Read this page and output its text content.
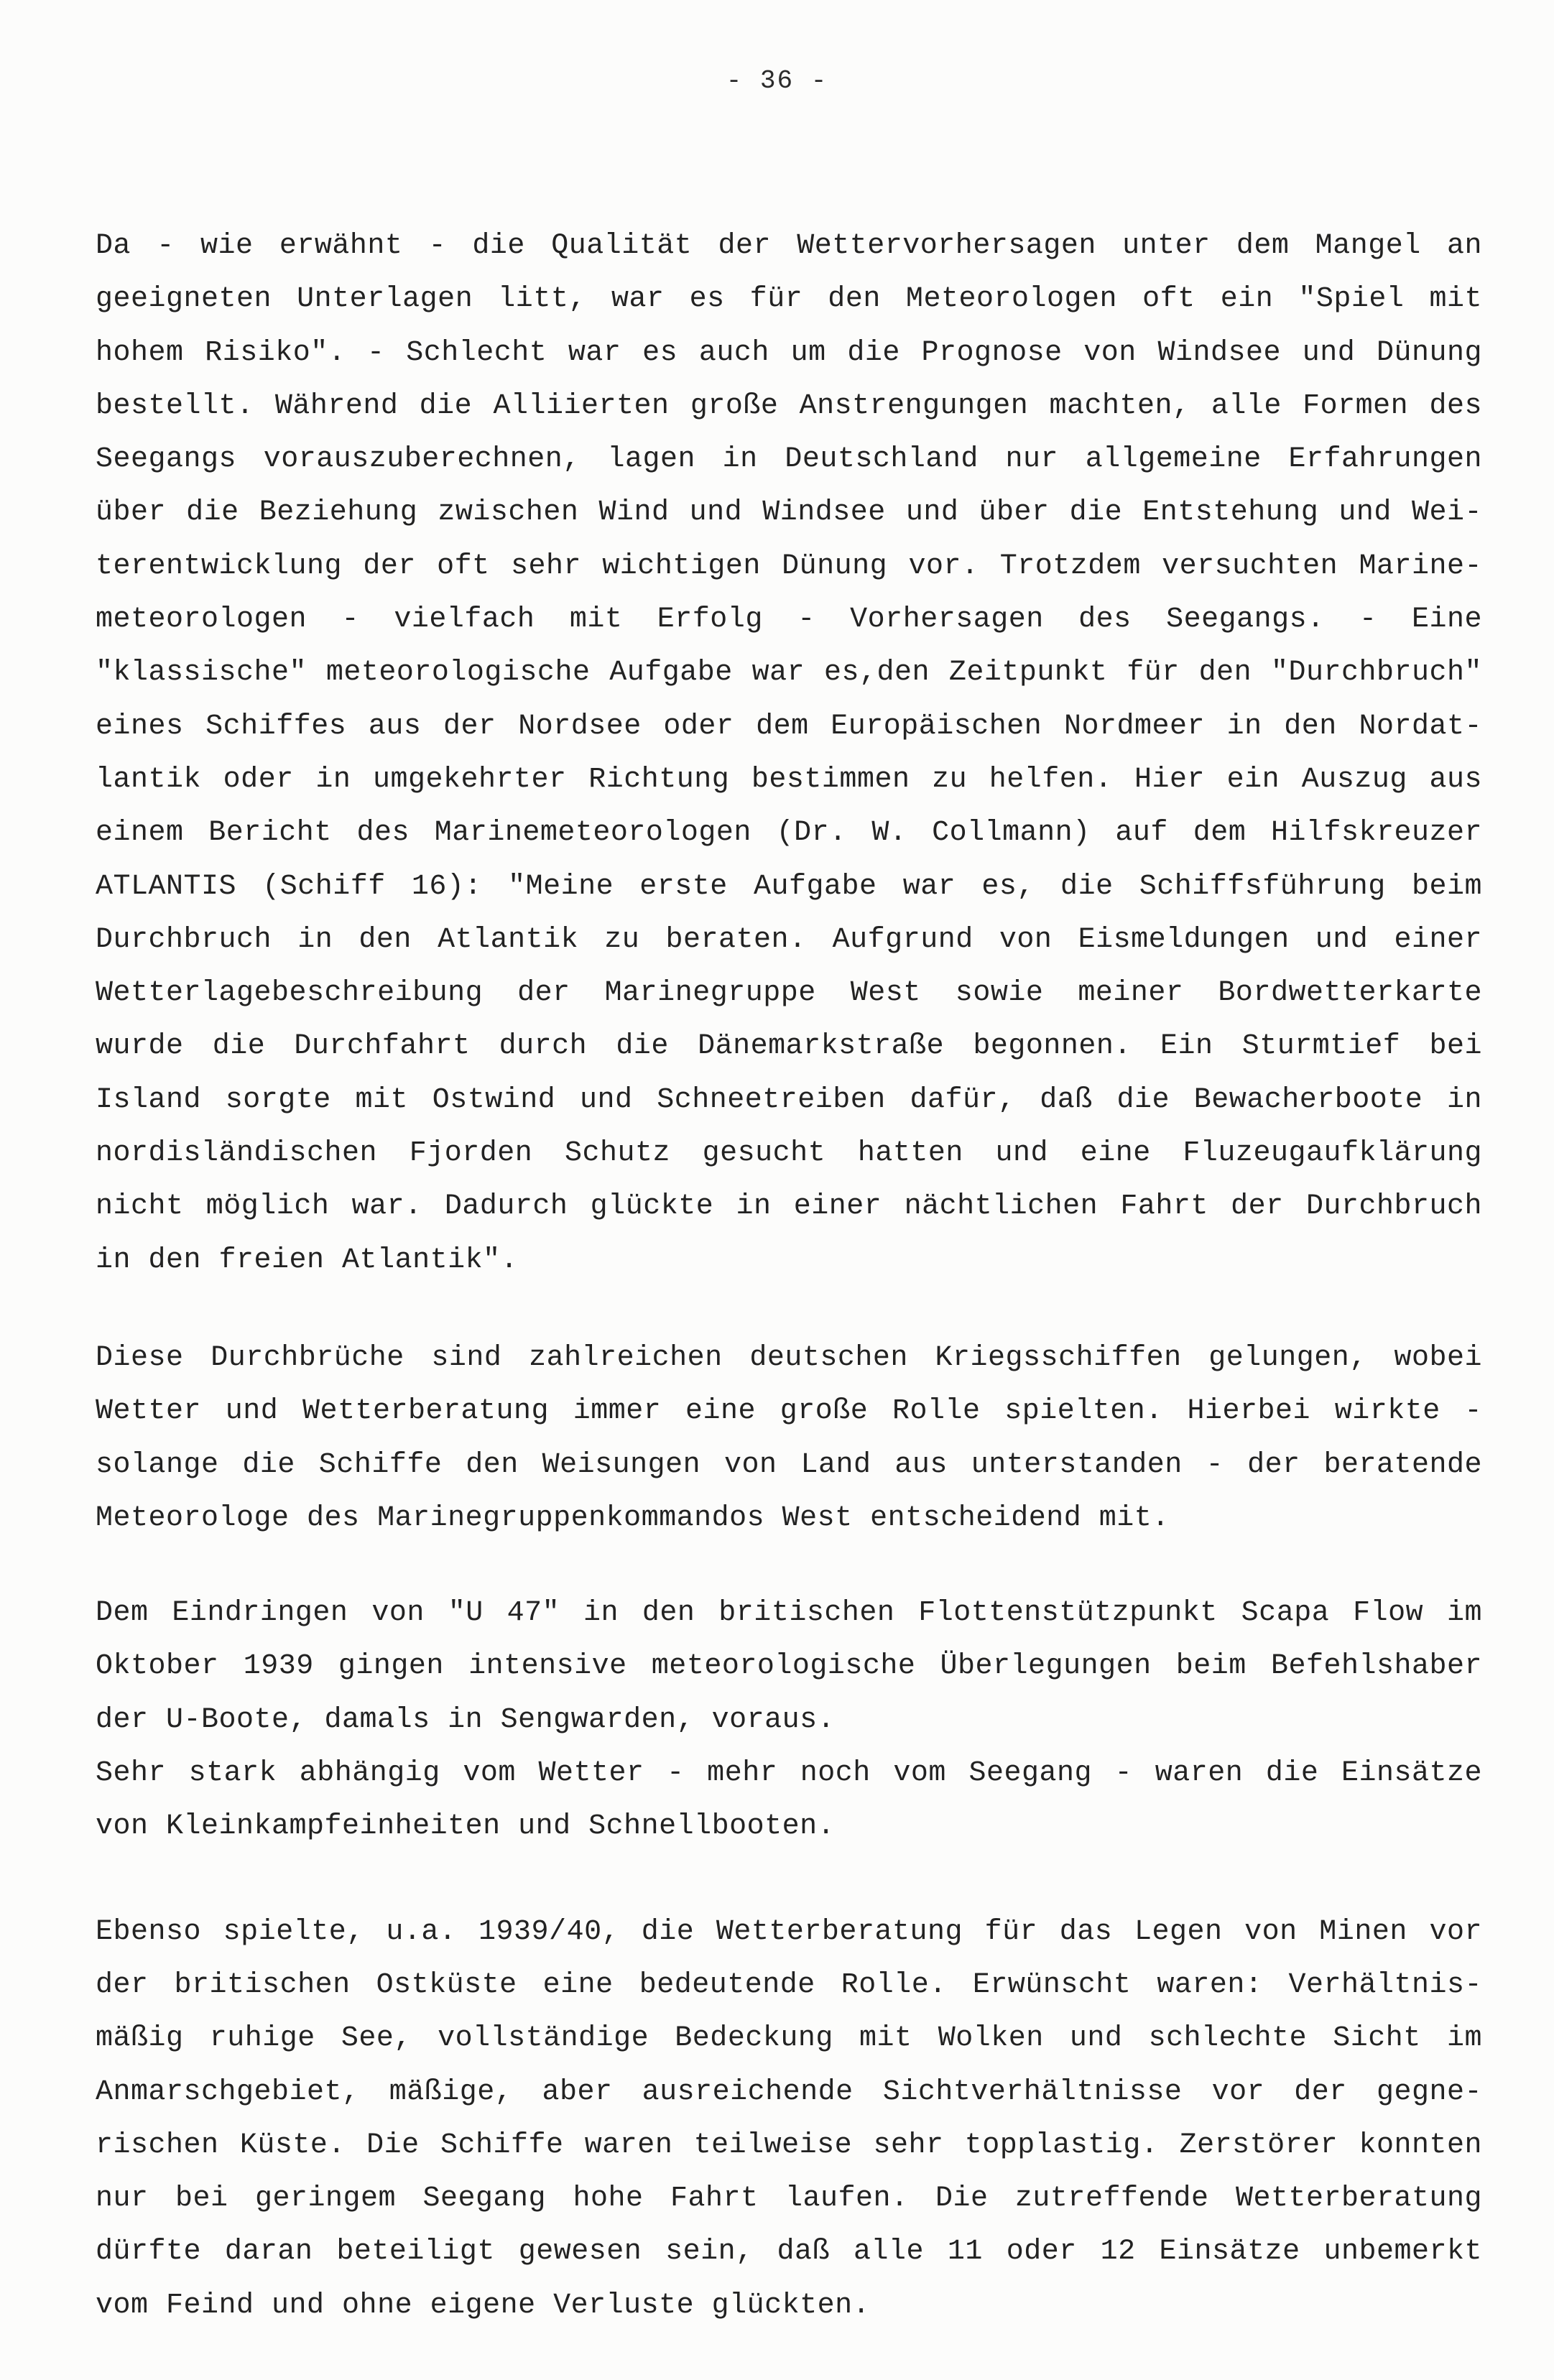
- 36 -

Da - wie erwähnt - die Qualität der Wettervorhersagen unter dem Mangel an

geeigneten Unterlagen litt, war es für den Meteorologen oft ein "Spiel mit

hohem Risiko". - Schlecht war es auch um die Prognose von Windsee und Dünung

bestellt. Während die Alliierten große Anstrengungen machten, alle Formen des

Seegangs vorauszuberechnen, lagen in Deutschland nur allgemeine Erfahrungen

über die Beziehung zwischen Wind und Windsee und über die Entstehung und Wei-

terentwicklung der oft sehr wichtigen Dünung vor. Trotzdem versuchten Marine-

meteorologen - vielfach mit Erfolg - Vorhersagen des Seegangs. - Eine

"klassische" meteorologische Aufgabe war es,den Zeitpunkt für den "Durchbruch"

eines Schiffes aus der Nordsee oder dem Europäischen Nordmeer in den Nordat-

lantik oder in umgekehrter Richtung bestimmen zu helfen. Hier ein Auszug aus

einem Bericht des Marinemeteorologen (Dr. W. Collmann) auf dem Hilfskreuzer

ATLANTIS (Schiff 16): "Meine erste Aufgabe war es, die Schiffsführung beim

Durchbruch in den Atlantik zu beraten. Aufgrund von Eismeldungen und einer

Wetterlagebeschreibung der Marinegruppe West sowie meiner Bordwetterkarte

wurde die Durchfahrt durch die Dänemarkstraße begonnen. Ein Sturmtief bei

Island sorgte mit Ostwind und Schneetreiben dafür, daß die Bewacherboote in

nordisländischen Fjorden Schutz gesucht hatten und eine Fluzeugaufklärung

nicht möglich war. Dadurch glückte in einer nächtlichen Fahrt der Durchbruch

in den freien Atlantik".

Diese Durchbrüche sind zahlreichen deutschen Kriegsschiffen gelungen, wobei

Wetter und Wetterberatung immer eine große Rolle spielten. Hierbei wirkte -

solange die Schiffe den Weisungen von Land aus unterstanden - der beratende

Meteorologe des Marinegruppenkommandos West entscheidend mit.

Dem Eindringen von "U 47" in den britischen Flottenstützpunkt Scapa Flow im

Oktober 1939 gingen intensive meteorologische Überlegungen beim Befehlshaber

der U-Boote, damals in Sengwarden, voraus.

Sehr stark abhängig vom Wetter - mehr noch vom Seegang - waren die Einsätze

von Kleinkampfeinheiten und Schnellbooten.

Ebenso spielte, u.a. 1939/40, die Wetterberatung für das Legen von Minen vor

der britischen Ostküste eine bedeutende Rolle. Erwünscht waren: Verhältnis-

mäßig ruhige See, vollständige Bedeckung mit Wolken und schlechte Sicht im

Anmarschgebiet, mäßige, aber ausreichende Sichtverhältnisse vor der gegne-

rischen Küste. Die Schiffe waren teilweise sehr topplastig. Zerstörer konnten

nur bei geringem Seegang hohe Fahrt laufen. Die zutreffende Wetterberatung

dürfte daran beteiligt gewesen sein, daß alle 11 oder 12 Einsätze unbemerkt

vom Feind und ohne eigene Verluste glückten.
